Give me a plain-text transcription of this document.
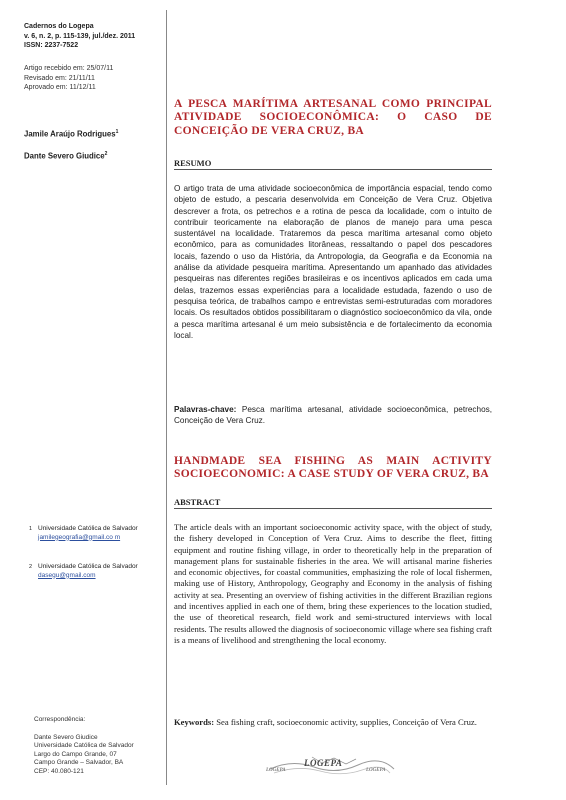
Cadernos do Logepa
v. 6, n. 2, p. 115-139, jul./dez. 2011
ISSN: 2237-7522
Artigo recebido em: 25/07/11
Revisado em: 21/11/11
Aprovado em: 11/12/11
Jamile Araújo Rodrigues$^1$
Dante Severo Giudice$^2$
A PESCA MARÍTIMA ARTESANAL COMO PRINCIPAL ATIVIDADE SOCIOECONÔMICA: O CASO DE CONCEIÇÃO DE VERA CRUZ, BA
RESUMO
O artigo trata de uma atividade socioeconômica de importância espacial, tendo como objeto de estudo, a pescaria desenvolvida em Conceição de Vera Cruz. Objetiva descrever a frota, os petrechos e a rotina de pesca da localidade, com o intuito de contribuir teoricamente na elaboração de planos de manejo para uma pesca sustentável na localidade. Trataremos da pesca marítima artesanal como objeto econômico, para as comunidades litorâneas, ressaltando o papel dos pescadores locais, fazendo o uso da História, da Antropologia, da Geografia e da Economia na análise da atividade pesqueira marítima. Apresentando um apanhado das atividades pesqueiras nas diferentes regiões brasileiras e os incentivos aplicados em cada uma delas, trazemos essas experiências para a localidade estudada, fazendo o uso de pesquisa teórica, de trabalhos campo e entrevistas semi-estruturadas com moradores locais. Os resultados obtidos possibilitaram o diagnóstico socioeconômico da vila, onde a pesca marítima artesanal é um meio subsistência e de fortalecimento da economia local.
Palavras-chave: Pesca marítima artesanal, atividade socioeconômica, petrechos, Conceição de Vera Cruz.
HANDMADE SEA FISHING AS MAIN ACTIVITY SOCIOECONOMIC: A CASE STUDY OF VERA CRUZ, BA
ABSTRACT
The article deals with an important socioeconomic activity space, with the object of study, the fishery developed in Conception of Vera Cruz. Aims to describe the fleet, fitting equipment and routine fishing village, in order to theoretically help in the preparation of management plans for sustainable fisheries in the area. We will artisanal marine fisheries and economic objectives, for coastal communities, emphasizing the role of local fishermen, making use of History, Anthropology, Geography and Economy in the analysis of fishing activity at sea. Presenting an overview of fishing activities in the different Brazilian regions and incentives applied in each one of them, bring these experiences to the location studied, the use of theoretical research, field work and semi-structured interviews with local residents. The results allowed the diagnosis of socioeconomic village where sea fishing craft is a means of livelihood and strengthening the local economy.
Keywords: Sea fishing craft, socioeconomic activity, supplies, Conceição of Vera Cruz.
1 Universidade Católica de Salvador
jamilegeografia@gmail.co m
2 Universidade Católica de Salvador
dasegu@gmail.com
Correspondência:
Dante Severo Giudice
Universidade Católica de Salvador
Largo do Campo Grande, 07
Campo Grande – Salvador, BA
CEP: 40.080-121	LOGEPA
LOGEPA
LOGEPA
